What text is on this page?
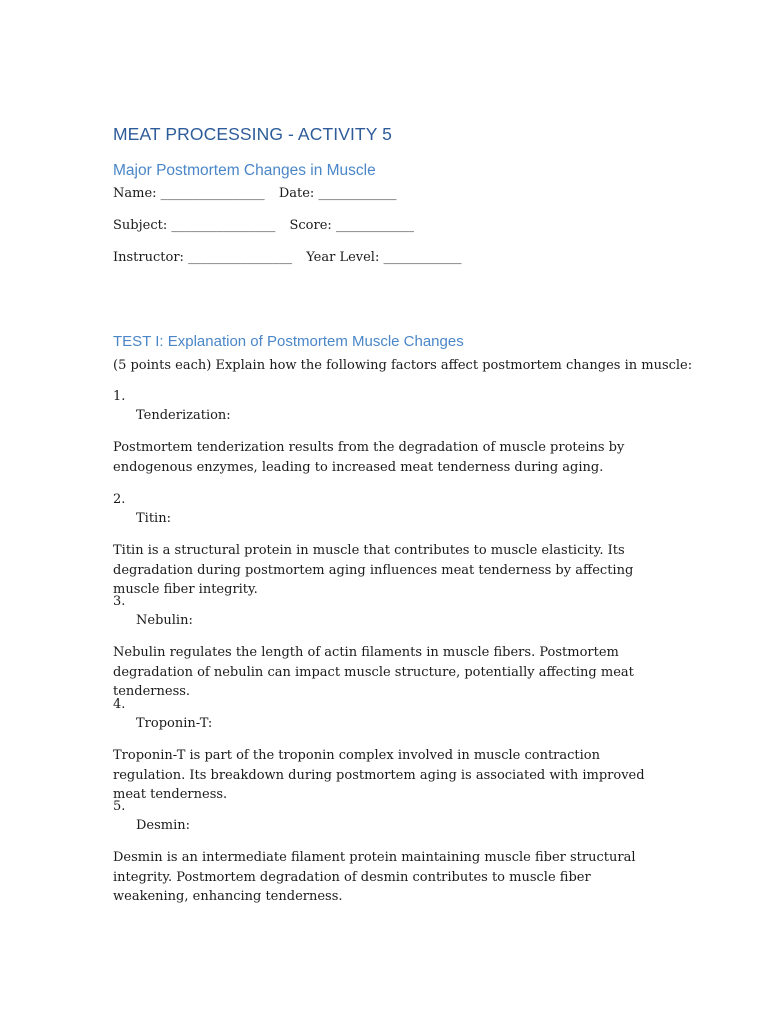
MEAT PROCESSING - ACTIVITY 5
Major Postmortem Changes in Muscle
Name: ________________ Date: ____________
Subject: ________________ Score: ____________
Instructor: ________________ Year Level: ____________
TEST I: Explanation of Postmortem Muscle Changes
(5 points each) Explain how the following factors affect postmortem changes in muscle:
1.
Tenderization:

Postmortem tenderization results from the degradation of muscle proteins by endogenous enzymes, leading to increased meat tenderness during aging.

2.
Titin:

Titin is a structural protein in muscle that contributes to muscle elasticity. Its degradation during postmortem aging influences meat tenderness by affecting muscle fiber integrity.

3.
Nebulin:

Nebulin regulates the length of actin filaments in muscle fibers. Postmortem degradation of nebulin can impact muscle structure, potentially affecting meat tenderness.

4.
Troponin-T:

Troponin-T is part of the troponin complex involved in muscle contraction regulation. Its breakdown during postmortem aging is associated with improved meat tenderness.

5.
Desmin:

Desmin is an intermediate filament protein maintaining muscle fiber structural integrity. Postmortem degradation of desmin contributes to muscle fiber weakening, enhancing tenderness.
